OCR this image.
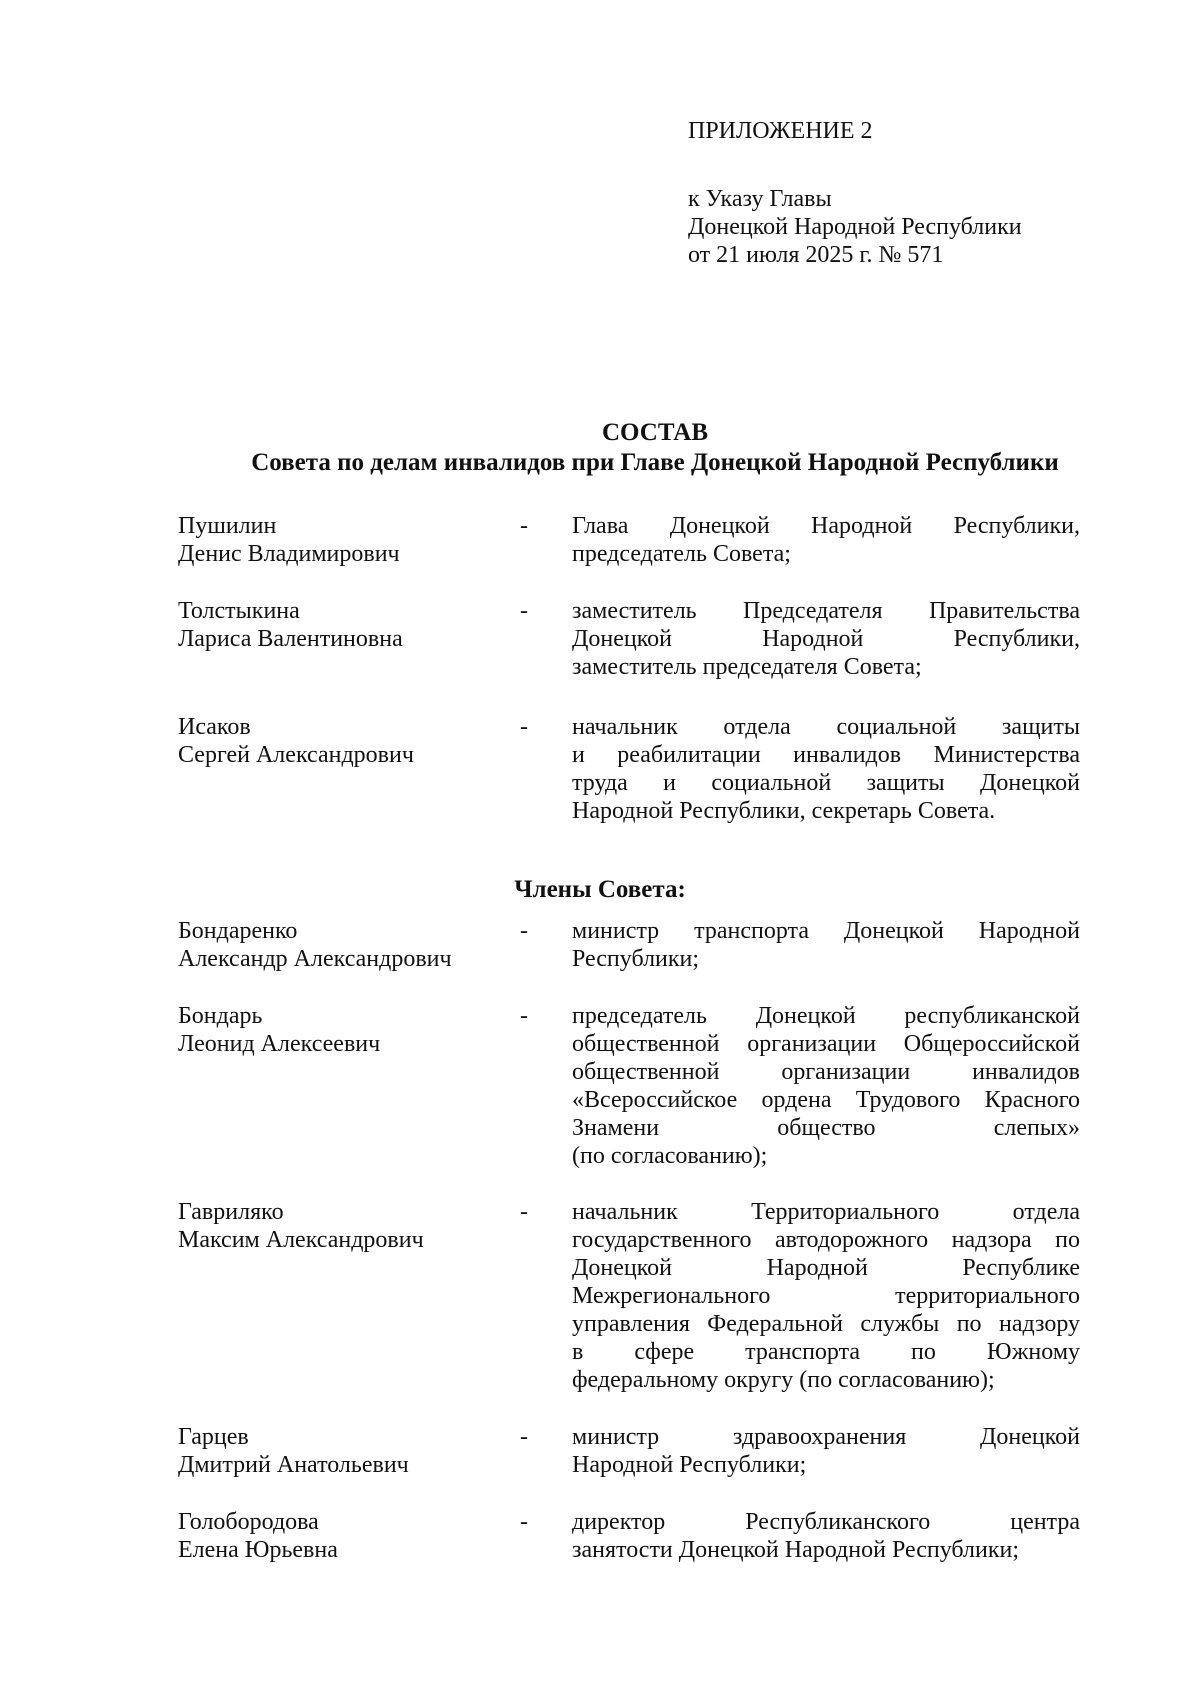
ПРИЛОЖЕНИЕ 2
к Указу Главы
Донецкой Народной Республики
от 21 июля 2025 г. № 571
СОСТАВ
Совета по делам инвалидов при Главе Донецкой Народной Республики
Пушилин
Денис Владимирович
- Глава Донецкой Народной Республики,
председатель Совета;
Толстыкина
Лариса Валентиновна
- заместитель Председателя Правительства
Донецкой Народной Республики,
заместитель председателя Совета;
Исаков
Сергей Александрович
- начальник отдела социальной защиты
и реабилитации инвалидов Министерства
труда и социальной защиты Донецкой
Народной Республики, секретарь Совета.
Члены Совета:
Бондаренко
Александр Александрович
- министр транспорта Донецкой Народной
Республики;
Бондарь
Леонид Алексеевич
- председатель Донецкой республиканской
общественной организации Общероссийской
общественной организации инвалидов
«Всероссийское ордена Трудового Красного
Знамени общество слепых»
(по согласованию);
Гавриляко
Максим Александрович
- начальник Территориального отдела
государственного автодорожного надзора по
Донецкой Народной Республике
Межрегионального территориального
управления Федеральной службы по надзору
в сфере транспорта по Южному
федеральному округу (по согласованию);
Гарцев
Дмитрий Анатольевич
- министр здравоохранения Донецкой
Народной Республики;
Голобородова
Елена Юрьевна
- директор Республиканского центра
занятости Донецкой Народной Республики;
